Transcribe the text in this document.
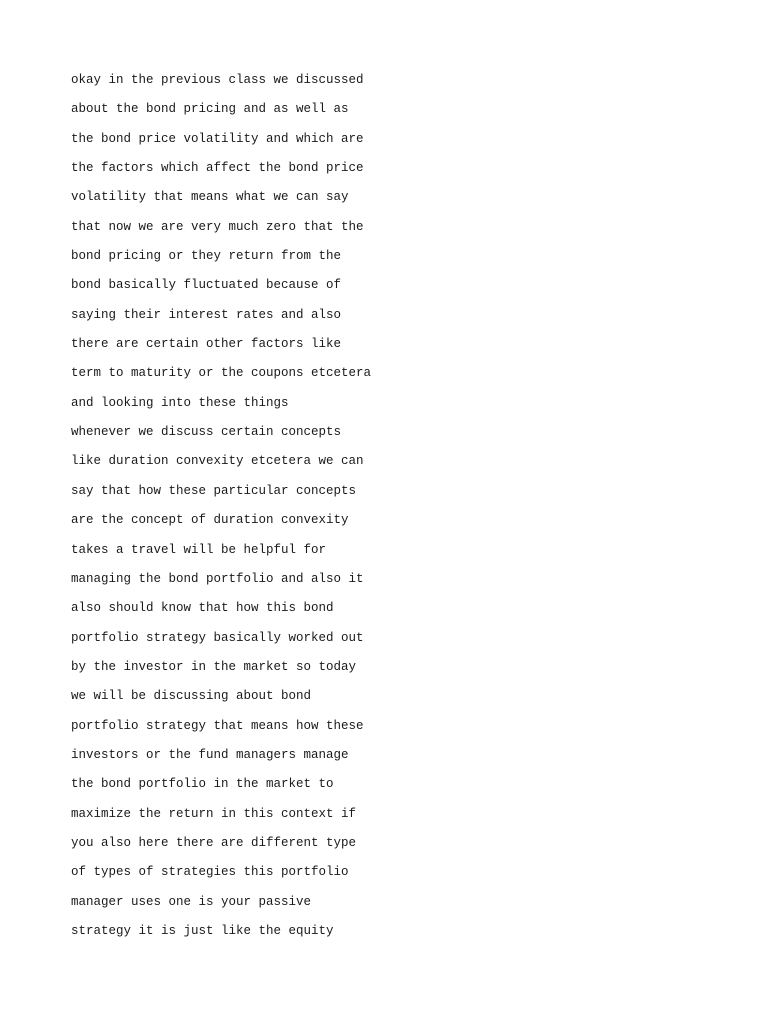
okay in the previous class we discussed
about the bond pricing and as well as
the bond price volatility and which are
the factors which affect the bond price
volatility that means what we can say
that now we are very much zero that the
bond pricing or they return from the
bond basically fluctuated because of
saying their interest rates and also
there are certain other factors like
term to maturity or the coupons etcetera
and looking into these things
whenever we discuss certain concepts
like duration convexity etcetera we can
say that how these particular concepts
are the concept of duration convexity
takes a travel will be helpful for
managing the bond portfolio and also it
also should know that how this bond
portfolio strategy basically worked out
by the investor in the market so today
we will be discussing about bond
portfolio strategy that means how these
investors or the fund managers manage
the bond portfolio in the market to
maximize the return in this context if
you also here there are different type
of types of strategies this portfolio
manager uses one is your passive
strategy it is just like the equity
